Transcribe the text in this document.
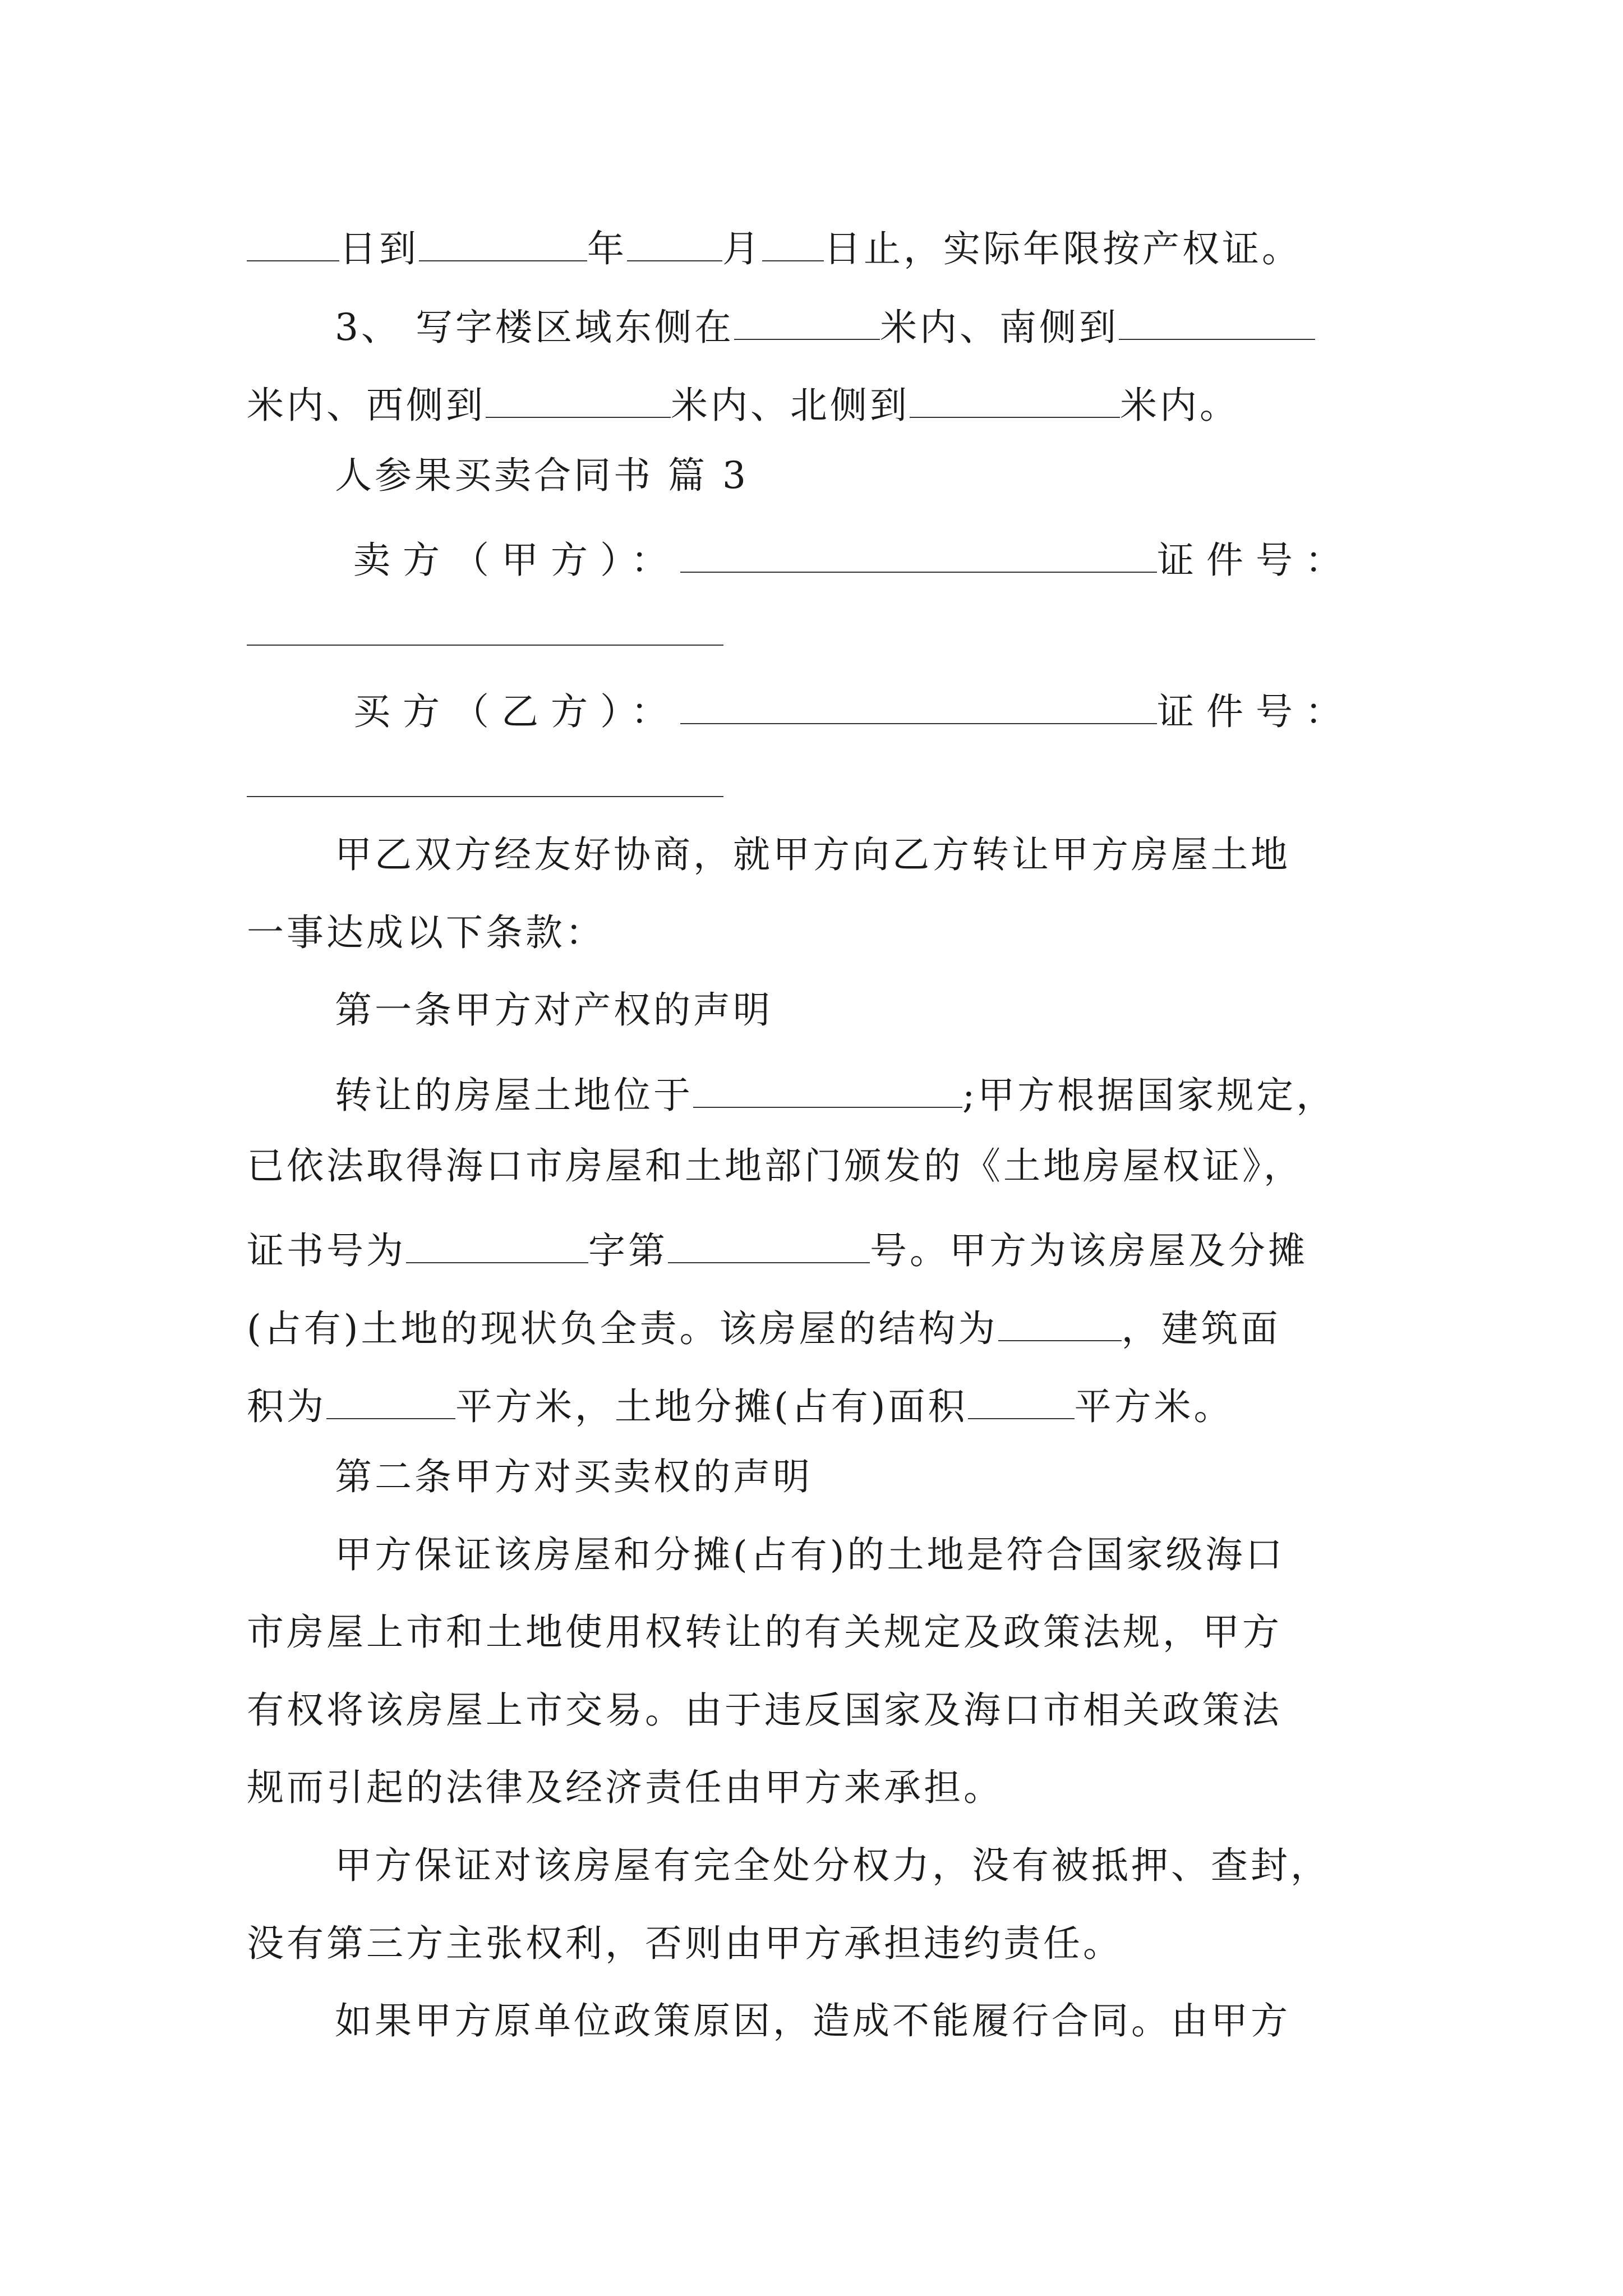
日到	年	月 日止，实际年限按产权证。
3、 写字楼区域东侧在	米内、南侧到
米内、西侧到	米内、北侧到	米内。
人参果买卖合同书 篇 3
卖方（甲方）：	证件号：
买方（乙方）：	证件号：
甲乙双方经友好协商，就甲方向乙方转让甲方房屋土地
一事达成以下条款：
第一条甲方对产权的声明
转让的房屋土地位于	;甲方根据国家规定，
已依法取得海口市房屋和土地部门颁发的《土地房屋权证》，
证书号为	字第	号。甲方为该房屋及分摊
(占有)土地的现状负全责。该房屋的结构为	，建筑面
积为	平方米，土地分摊(占有)面积	平方米。
第二条甲方对买卖权的声明
甲方保证该房屋和分摊(占有)的土地是符合国家级海口
市房屋上市和土地使用权转让的有关规定及政策法规，甲方
有权将该房屋上市交易。由于违反国家及海口市相关政策法
规而引起的法律及经济责任由甲方来承担。
甲方保证对该房屋有完全处分权力，没有被抵押、查封，
没有第三方主张权利，否则由甲方承担违约责任。
如果甲方原单位政策原因，造成不能履行合同。由甲方
